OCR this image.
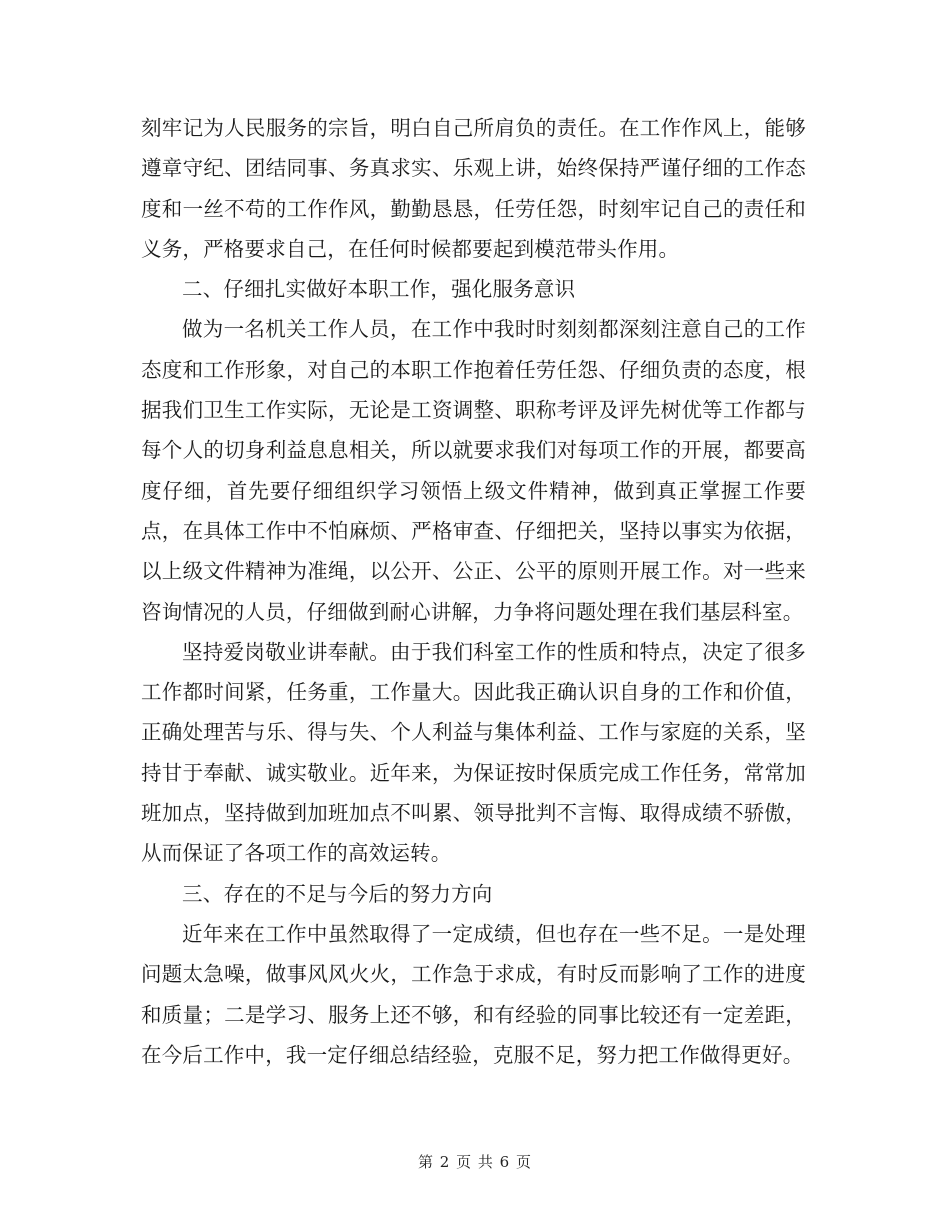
刻牢记为人民服务的宗旨，明白自己所肩负的责任。在工作作风上，能够遵章守纪、团结同事、务真求实、乐观上讲，始终保持严谨仔细的工作态度和一丝不苟的工作作风，勤勤恳恳，任劳任怨，时刻牢记自己的责任和义务，严格要求自己，在任何时候都要起到模范带头作用。

二、仔细扎实做好本职工作，强化服务意识

做为一名机关工作人员，在工作中我时时刻刻都深刻注意自己的工作态度和工作形象，对自己的本职工作抱着任劳任怨、仔细负责的态度，根据我们卫生工作实际，无论是工资调整、职称考评及评先树优等工作都与每个人的切身利益息息相关，所以就要求我们对每项工作的开展，都要高度仔细，首先要仔细组织学习领悟上级文件精神，做到真正掌握工作要点，在具体工作中不怕麻烦、严格审查、仔细把关，坚持以事实为依据，以上级文件精神为准绳，以公开、公正、公平的原则开展工作。对一些来咨询情况的人员，仔细做到耐心讲解，力争将问题处理在我们基层科室。

坚持爱岗敬业讲奉献。由于我们科室工作的性质和特点，决定了很多工作都时间紧，任务重，工作量大。因此我正确认识自身的工作和价值，正确处理苦与乐、得与失、个人利益与集体利益、工作与家庭的关系，坚持甘于奉献、诚实敬业。近年来，为保证按时保质完成工作任务，常常加班加点，坚持做到加班加点不叫累、领导批判不言悔、取得成绩不骄傲，从而保证了各项工作的高效运转。

三、存在的不足与今后的努力方向

近年来在工作中虽然取得了一定成绩，但也存在一些不足。一是处理问题太急噪，做事风风火火，工作急于求成，有时反而影响了工作的进度和质量；二是学习、服务上还不够，和有经验的同事比较还有一定差距，在今后工作中，我一定仔细总结经验，克服不足，努力把工作做得更好。

第 2 页 共 6 页
